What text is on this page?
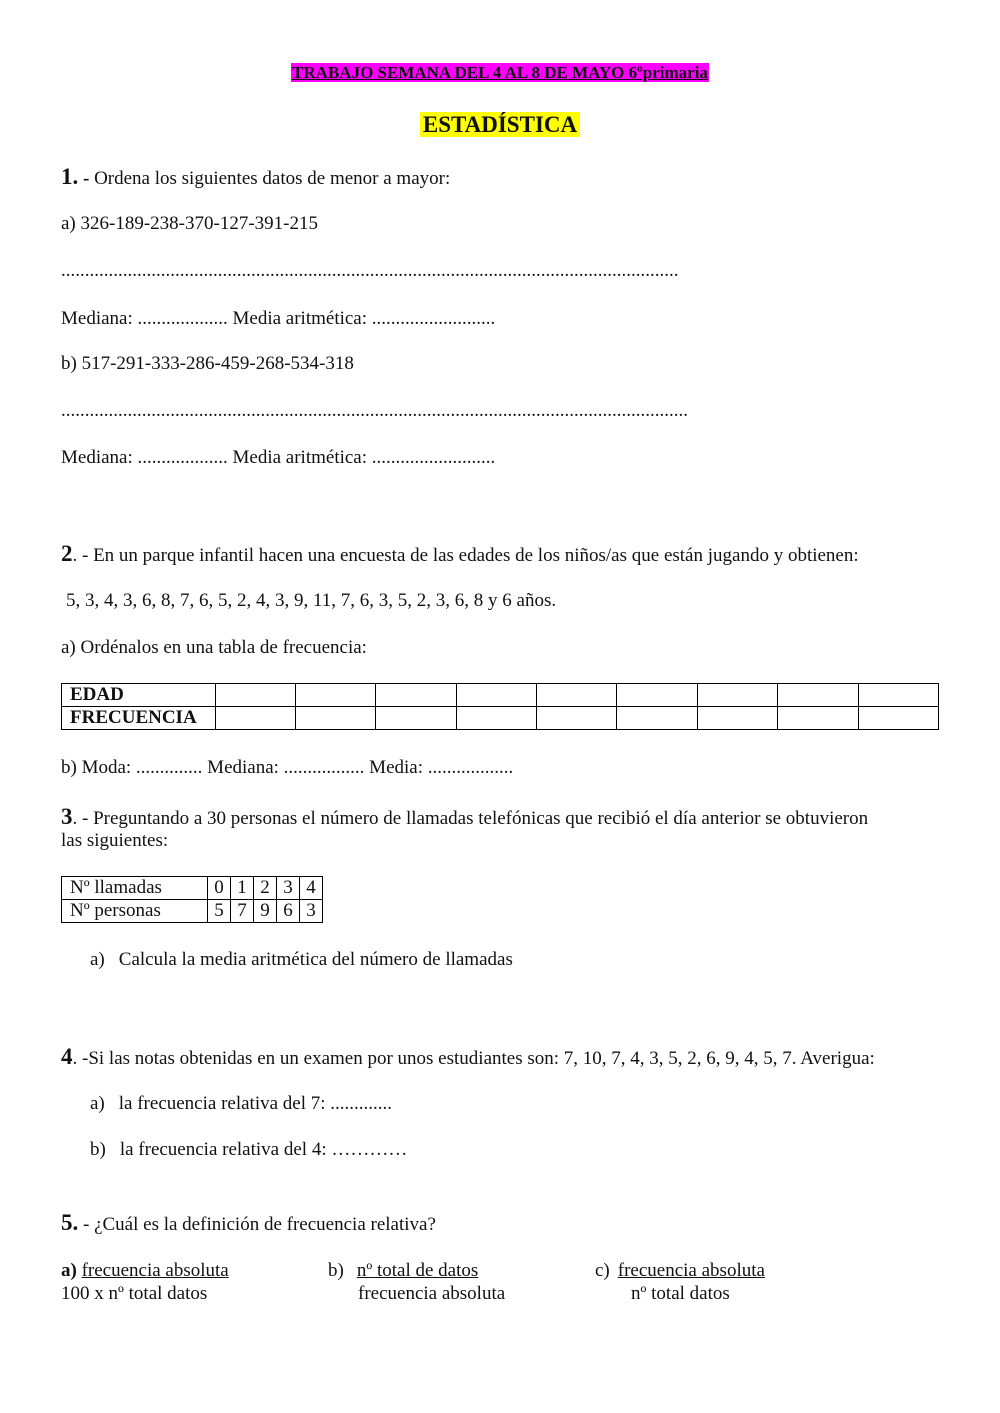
TRABAJO SEMANA DEL 4 AL 8 DE MAYO 6ºprimaria
ESTADÍSTICA
1. - Ordena los siguientes datos de menor a mayor:
a) 326-189-238-370-127-391-215
..................................................................................................................................
Mediana: ................... Media aritmética: ..........................
b) 517-291-333-286-459-268-534-318
....................................................................................................................................
Mediana: ................... Media aritmética: ..........................
2. - En un parque infantil hacen una encuesta de las edades de los niños/as que están jugando y obtienen:
5, 3, 4, 3, 6, 8, 7, 6, 5, 2, 4, 3, 9, 11, 7, 6, 3, 5, 2, 3, 6, 8 y 6 años.
a) Ordénalos en una tabla de frecuencia:
EDAD									
FRECUENCIA									
b) Moda: .............. Mediana: ................. Media: ..................
3. - Preguntando a 30 personas el número de llamadas telefónicas que recibió el día anterior se obtuvieron
las siguientes:
Nº llamadas	0	1	2	3	4
Nº personas	5	7	9	6	3
a) Calcula la media aritmética del número de llamadas
4. -Si las notas obtenidas en un examen por unos estudiantes son: 7, 10, 7, 4, 3, 5, 2, 6, 9, 4, 5, 7. Averigua:
a) la frecuencia relativa del 7: .............
b) la frecuencia relativa del 4: …………
5. - ¿Cuál es la definición de frecuencia relativa?
a) frecuencia absoluta
100 x nº total datos
b) nº total de datos
frecuencia absoluta
c) frecuencia absoluta
nº total datos
